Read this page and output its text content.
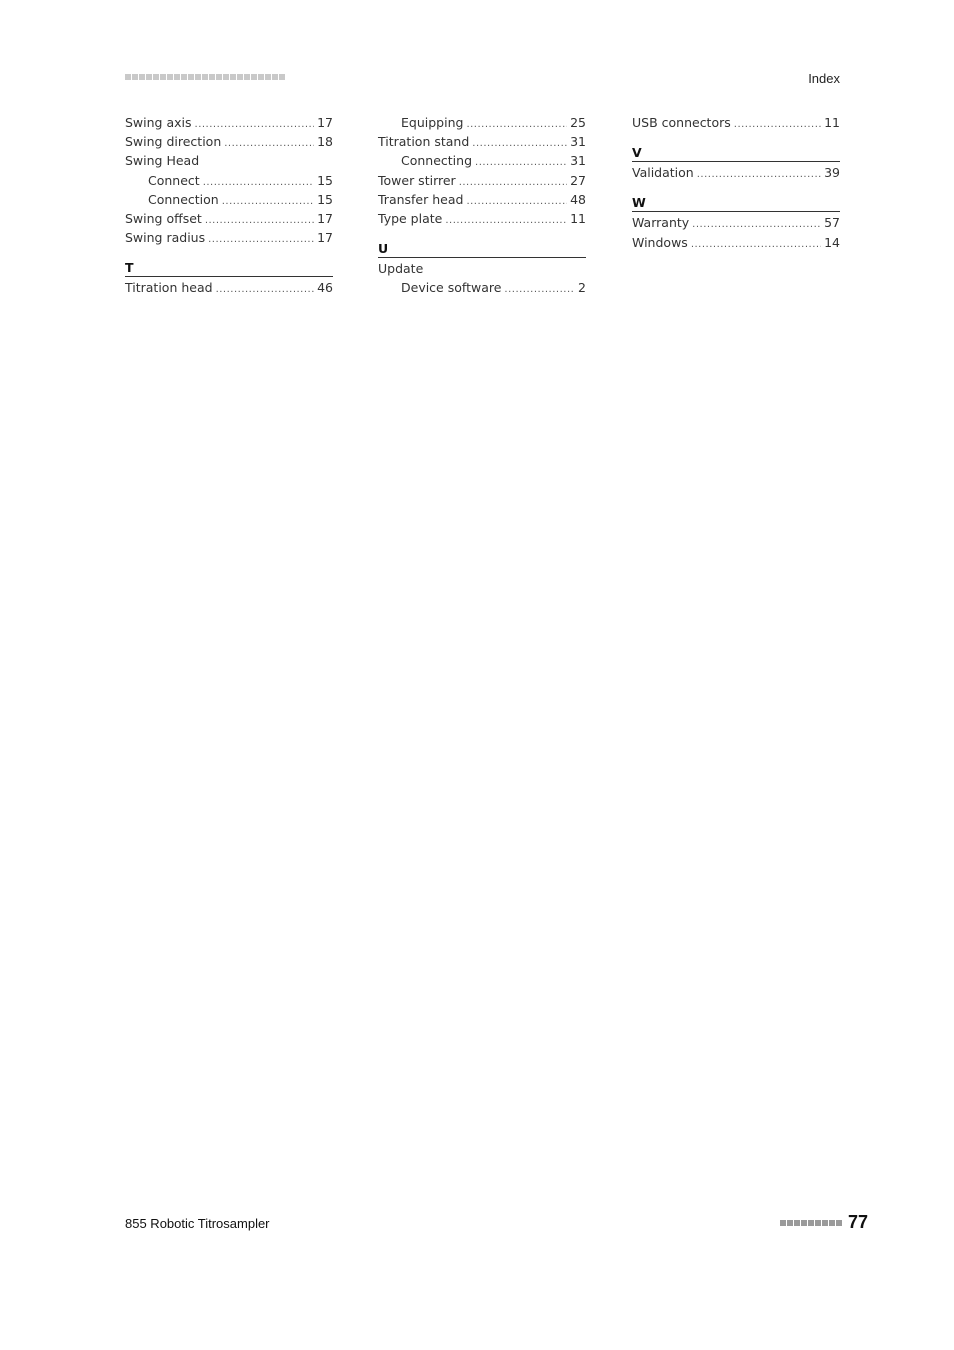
Index
Swing axis .....	17
Swing direction .....	18
Swing Head
Connect .....	15
Connection .....	15
Swing offset .....	17
Swing radius .....	17
T
Titration head .....	46
Equipping .....	25
Titration stand .....	31
Connecting .....	31
Tower stirrer .....	27
Transfer head .....	48
Type plate .....	11
U
Update
Device software .....	2
USB connectors .....	11
V
Validation .....	39
W
Warranty .....	57
Windows .....	14
855 Robotic Titrosampler	77
